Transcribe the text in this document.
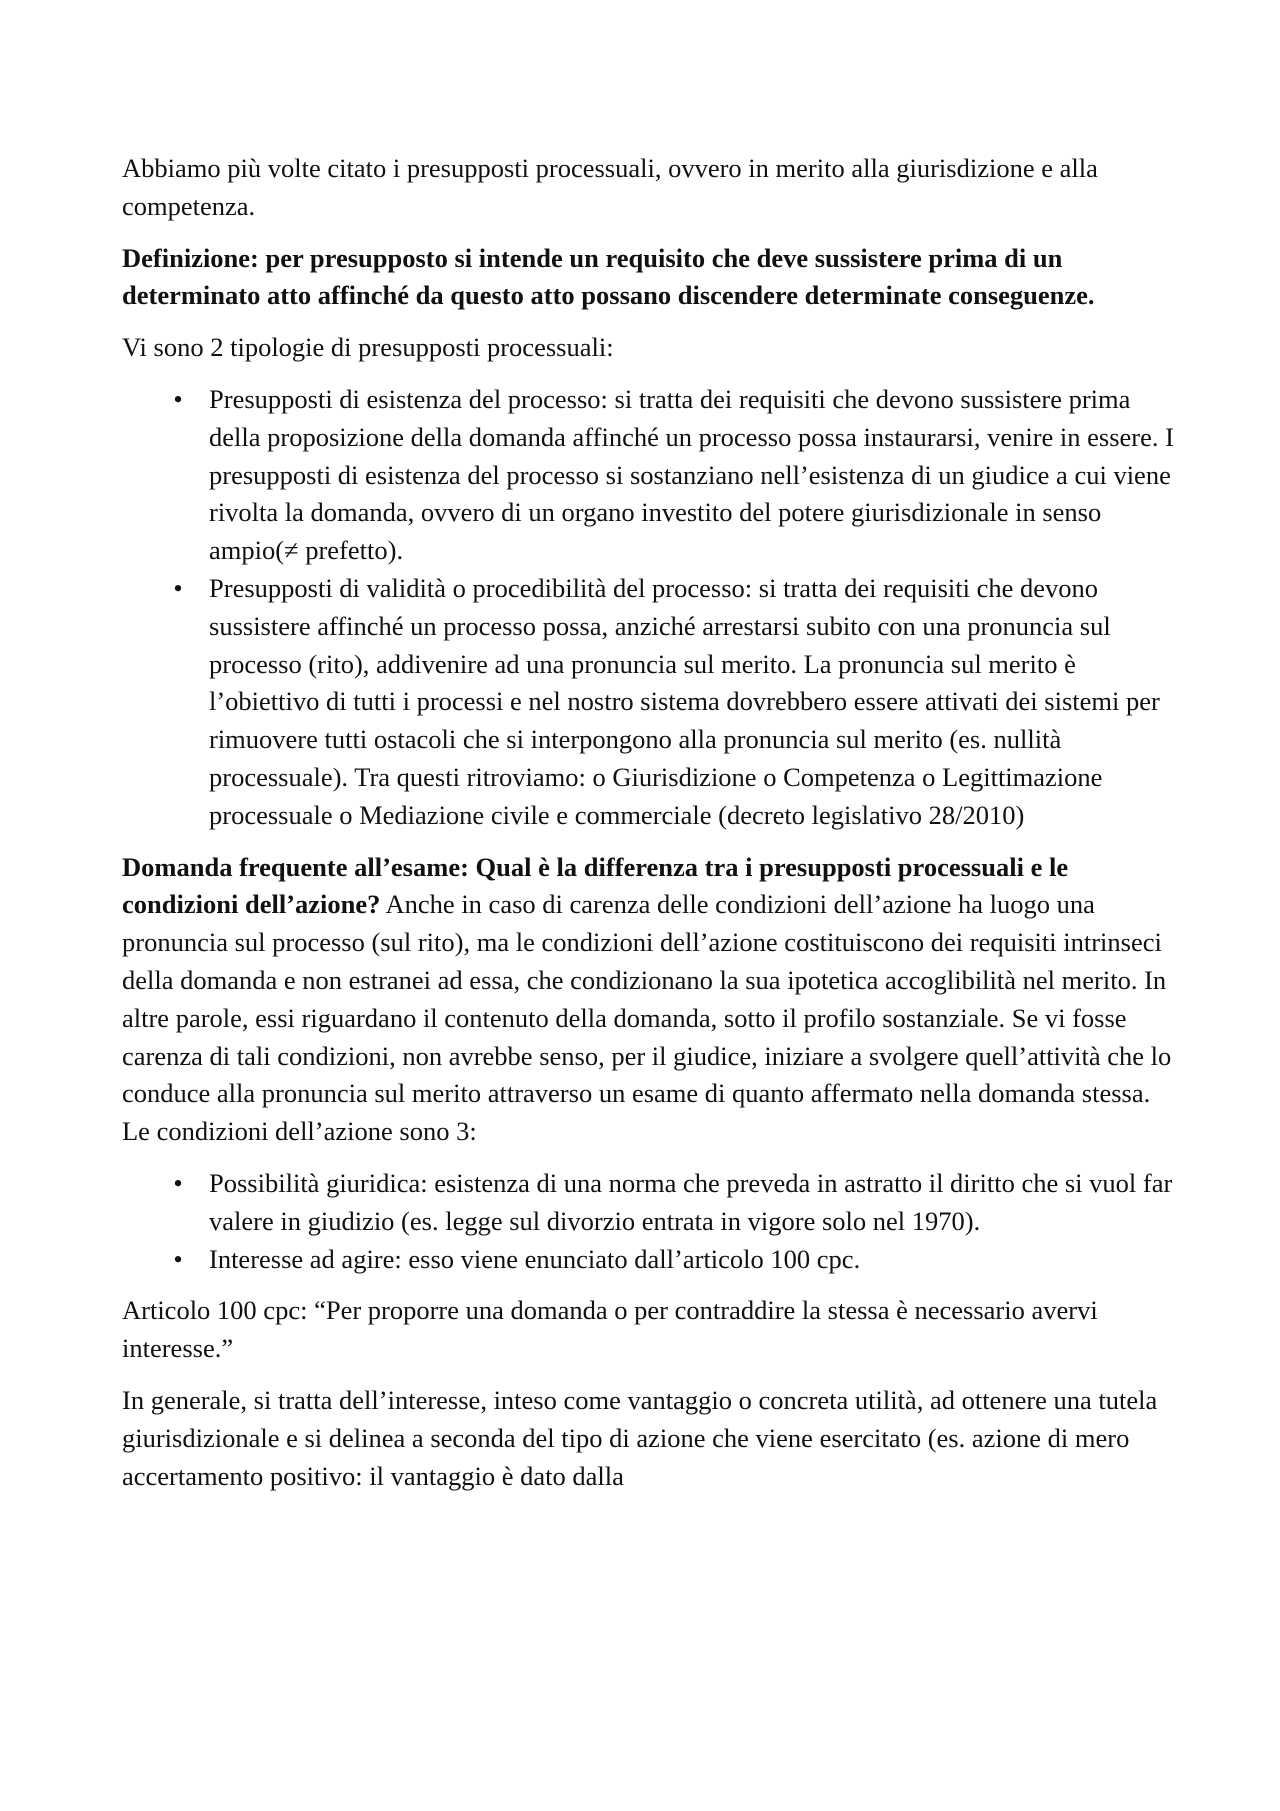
Abbiamo più volte citato i presupposti processuali, ovvero in merito alla giurisdizione e alla competenza.

Definizione: per presupposto si intende un requisito che deve sussistere prima di un determinato atto affinché da questo atto possano discendere determinate conseguenze.

Vi sono 2 tipologie di presupposti processuali:

• Presupposti di esistenza del processo: si tratta dei requisiti che devono sussistere prima della proposizione della domanda affinché un processo possa instaurarsi, venire in essere. I presupposti di esistenza del processo si sostanziano nell’esistenza di un giudice a cui viene rivolta la domanda, ovvero di un organo investito del potere giurisdizionale in senso ampio(≠ prefetto).
• Presupposti di validità o procedibilità del processo: si tratta dei requisiti che devono sussistere affinché un processo possa, anziché arrestarsi subito con una pronuncia sul processo (rito), addivenire ad una pronuncia sul merito. La pronuncia sul merito è l’obiettivo di tutti i processi e nel nostro sistema dovrebbero essere attivati dei sistemi per rimuovere tutti ostacoli che si interpongono alla pronuncia sul merito (es. nullità processuale). Tra questi ritroviamo: o Giurisdizione o Competenza o Legittimazione processuale o Mediazione civile e commerciale (decreto legislativo 28/2010)

Domanda frequente all’esame: Qual è la differenza tra i presupposti processuali e le condizioni dell’azione? Anche in caso di carenza delle condizioni dell’azione ha luogo una pronuncia sul processo (sul rito), ma le condizioni dell’azione costituiscono dei requisiti intrinseci della domanda e non estranei ad essa, che condizionano la sua ipotetica accoglibilità nel merito. In altre parole, essi riguardano il contenuto della domanda, sotto il profilo sostanziale. Se vi fosse carenza di tali condizioni, non avrebbe senso, per il giudice, iniziare a svolgere quell’attività che lo conduce alla pronuncia sul merito attraverso un esame di quanto affermato nella domanda stessa. Le condizioni dell’azione sono 3:

• Possibilità giuridica: esistenza di una norma che preveda in astratto il diritto che si vuol far valere in giudizio (es. legge sul divorzio entrata in vigore solo nel 1970).
• Interesse ad agire: esso viene enunciato dall’articolo 100 cpc.

Articolo 100 cpc: “Per proporre una domanda o per contraddire la stessa è necessario avervi interesse.”

In generale, si tratta dell’interesse, inteso come vantaggio o concreta utilità, ad ottenere una tutela giurisdizionale e si delinea a seconda del tipo di azione che viene esercitato (es. azione di mero accertamento positivo: il vantaggio è dato dalla
